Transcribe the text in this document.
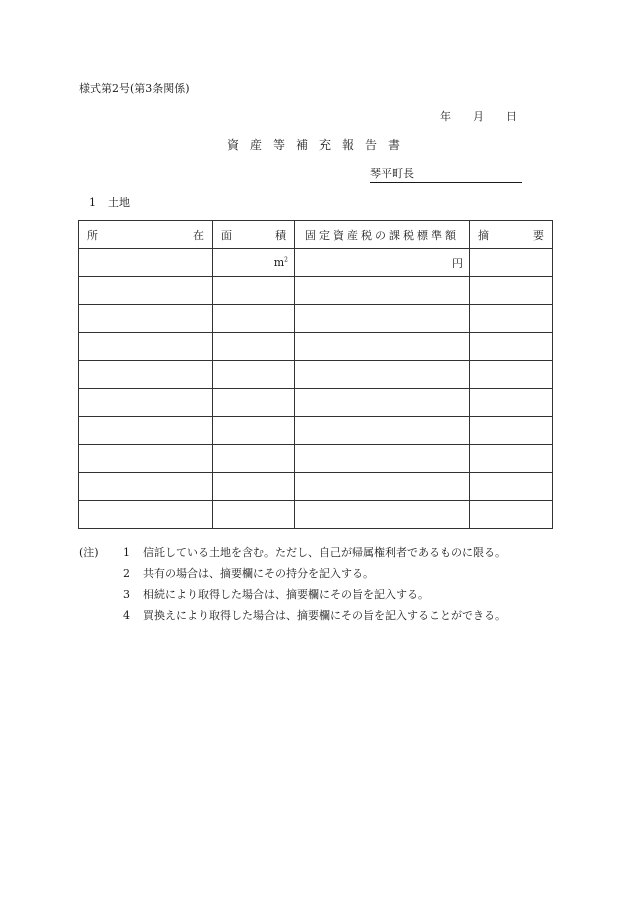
様式第2号(第3条関係)
年 月 日
資産等補充報告書
琴平町長
1 土地
所 在	面 積	固定資産税の課税標準額	摘 要

	$m^2$	円	

(注)	1	信託している土地を含む。ただし、自己が帰属権利者であるものに限る。
2	共有の場合は、摘要欄にその持分を記入する。
3	相続により取得した場合は、摘要欄にその旨を記入する。
4	買換えにより取得した場合は、摘要欄にその旨を記入することができる。
